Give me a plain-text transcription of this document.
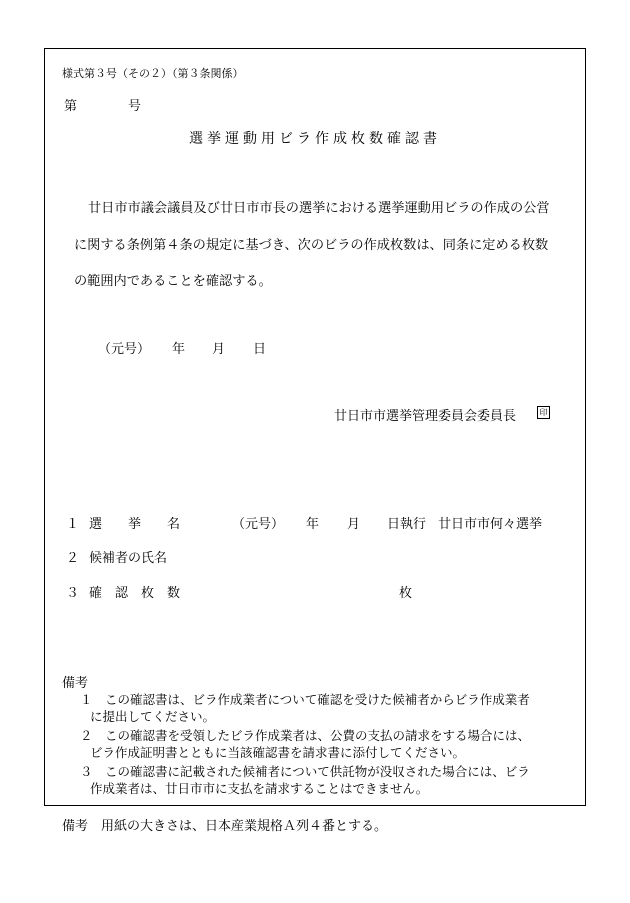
様式第３号（その２）（第３条関係）
第	号
選挙運動用ビラ作成枚数確認書
廿日市市議会議員及び廿日市市長の選挙における選挙運動用ビラの作成の公営
に関する条例第４条の規定に基づき、次のビラの作成枚数は、同条に定める枚数
の範囲内であることを確認する。
（元号） 年 月 日
廿日市市選挙管理委員会委員長	印
１ 選　　挙　　名	（元号） 年 月 日執行 廿日市市何々選挙
２ 候補者の氏名
３ 確　認　枚　数	枚
備考
１　この確認書は、ビラ作成業者について確認を受けた候補者からビラ作成業者
に提出してください。
２　この確認書を受領したビラ作成業者は、公費の支払の請求をする場合には、
ビラ作成証明書とともに当該確認書を請求書に添付してください。
３　この確認書に記載された候補者について供託物が没収された場合には、ビラ
作成業者は、廿日市市に支払を請求することはできません。
備考　用紙の大きさは、日本産業規格Ａ列４番とする。
